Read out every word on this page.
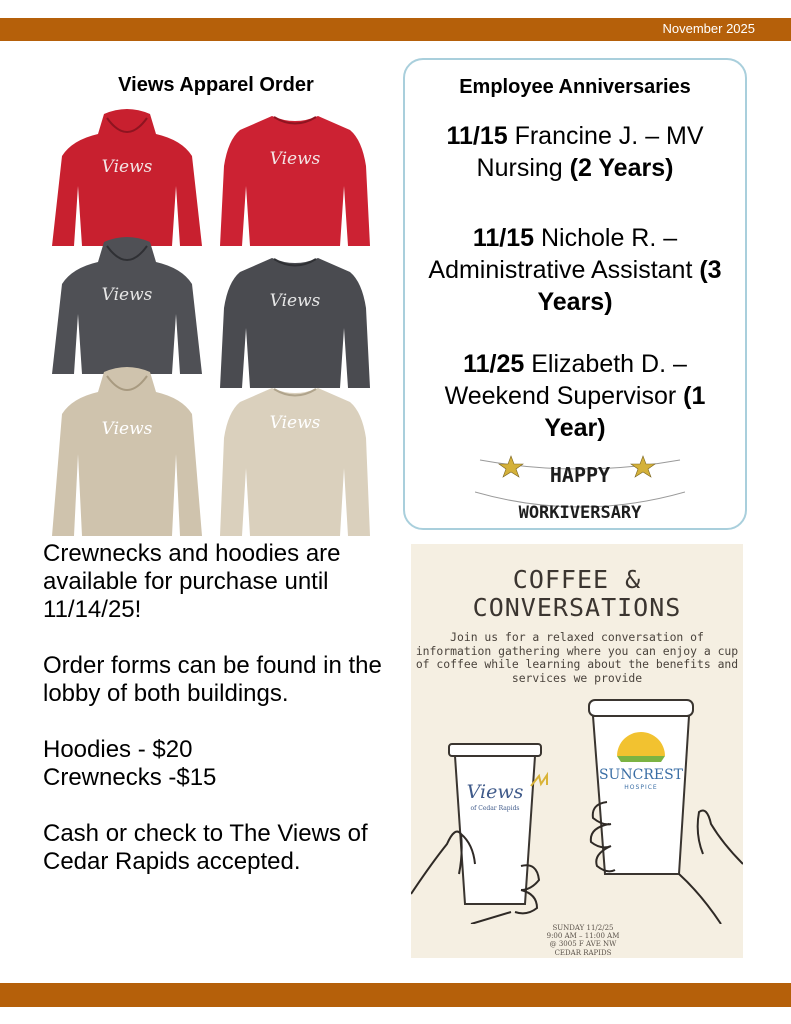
November 2025
Views Apparel Order
Views	Views
Views	Views
Views	Views

Crewnecks and hoodies are available for purchase until 11/14/25!

Order forms can be found in the lobby of both buildings.

Hoodies - $20
Crewnecks -$15

Cash or check to The Views of Cedar Rapids accepted.

Employee Anniversaries
11/15 Francine J. – MV Nursing (2 Years)
11/15 Nichole R. – Administrative Assistant (3 Years)
11/25 Elizabeth D. – Weekend Supervisor (1 Year)
HAPPY
WORKIVERSARY
COFFEE &
CONVERSATIONS
Join us for a relaxed conversation of information gathering where you can enjoy a cup of coffee while learning about the benefits and services we provide
Views
of Cedar Rapids
SUNCREST
HOSPICE
SUNDAY 11/2/25
9:00 AM – 11:00 AM
@ 3005 F AVE NW
CEDAR RAPIDS
